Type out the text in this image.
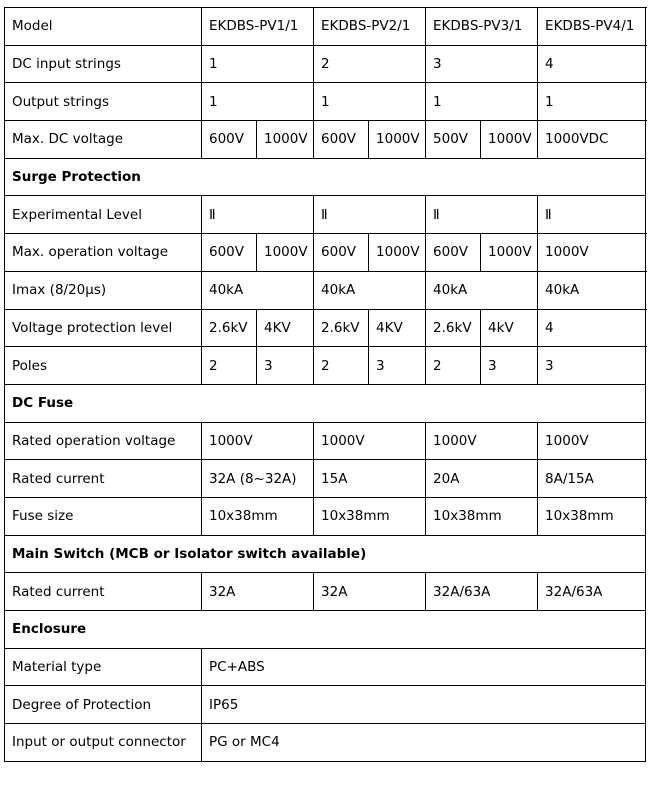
Model	EKDBS-PV1/1		EKDBS-PV2/1		EKDBS-PV3/1		EKDBS-PV4/1
DC input strings	1		2		3		4
Output strings	1		1		1		1
Max. DC voltage	600V	1000V	600V	1000V	500V	1000V	1000VDC
Surge Protection							
Experimental Level	Ⅱ		Ⅱ		Ⅱ		Ⅱ
Max. operation voltage	600V	1000V	600V	1000V	600V	1000V	1000V
Imax (8/20μs)	40kA		40kA		40kA		40kA
Voltage protection level	2.6kV	4KV	2.6kV	4KV	2.6kV	4kV	4
Poles	2	3	2	3	2	3	3
DC Fuse							
Rated operation voltage	1000V		1000V		1000V		1000V
Rated current	32A (8~32A)		15A		20A		8A/15A
Fuse size	10x38mm		10x38mm		10x38mm		10x38mm
Main Switch (MCB or Isolator switch available)							
Rated current	32A		32A		32A/63A		32A/63A
Enclosure							
Material type	PC+ABS						
Degree of Protection	IP65						
Input or output connector	PG or MC4						
